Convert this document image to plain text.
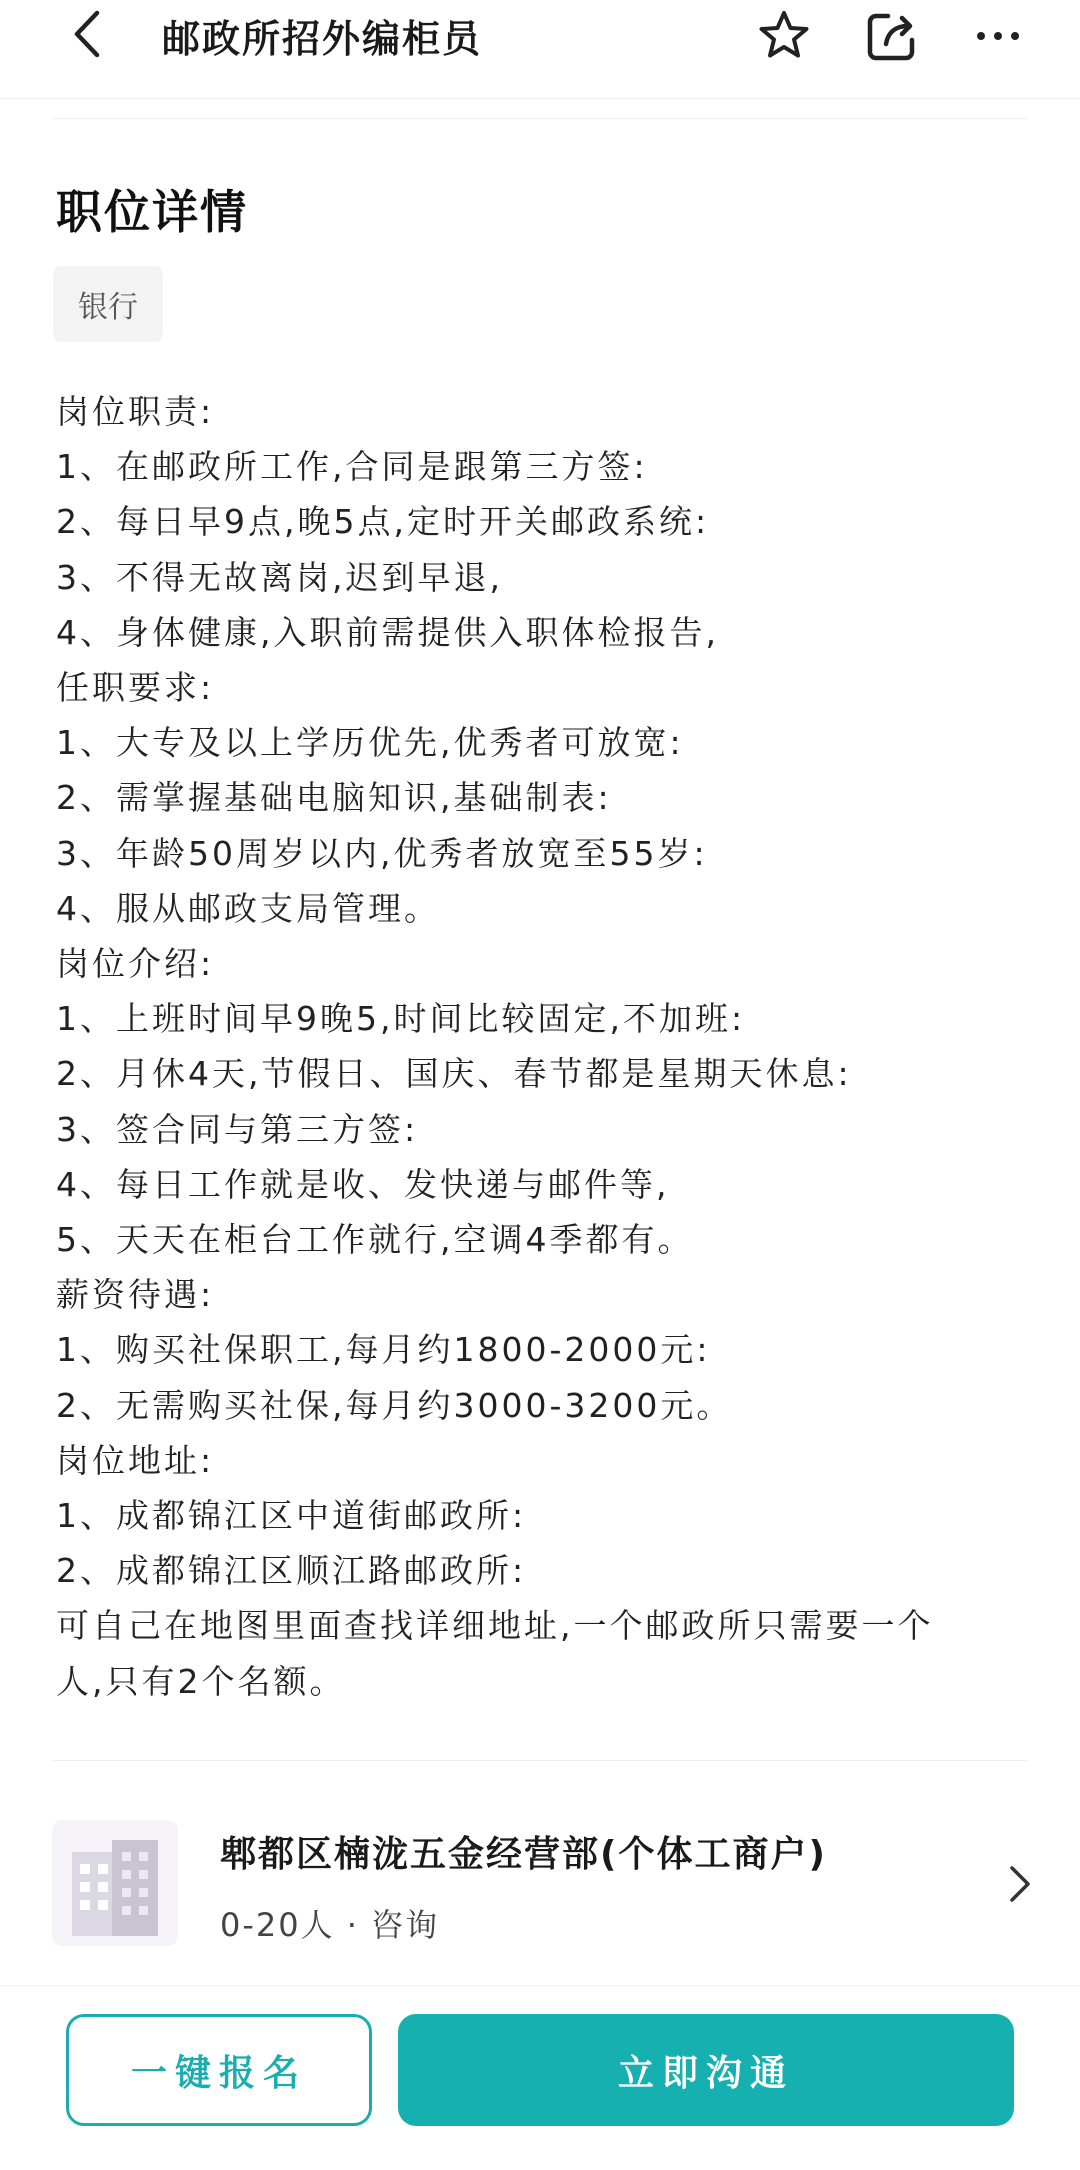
邮政所招外编柜员
职位详情
银行
岗位职责:
1、在邮政所工作,合同是跟第三方签:
2、每日早9点,晚5点,定时开关邮政系统:
3、不得无故离岗,迟到早退,
4、身体健康,入职前需提供入职体检报告,
任职要求:
1、大专及以上学历优先,优秀者可放宽:
2、需掌握基础电脑知识,基础制表:
3、年龄50周岁以内,优秀者放宽至55岁:
4、服从邮政支局管理。
岗位介绍:
1、上班时间早9晚5,时间比较固定,不加班:
2、月休4天,节假日、国庆、春节都是星期天休息:
3、签合同与第三方签:
4、每日工作就是收、发快递与邮件等,
5、天天在柜台工作就行,空调4季都有。
薪资待遇:
1、购买社保职工,每月约1800-2000元:
2、无需购买社保,每月约3000-3200元。
岗位地址:
1、成都锦江区中道街邮政所:
2、成都锦江区顺江路邮政所:
可自己在地图里面查找详细地址,一个邮政所只需要一个
人,只有2个名额。
郫都区楠泷五金经营部(个体工商户)
0-20人 · 咨询
一键报名	立即沟通
